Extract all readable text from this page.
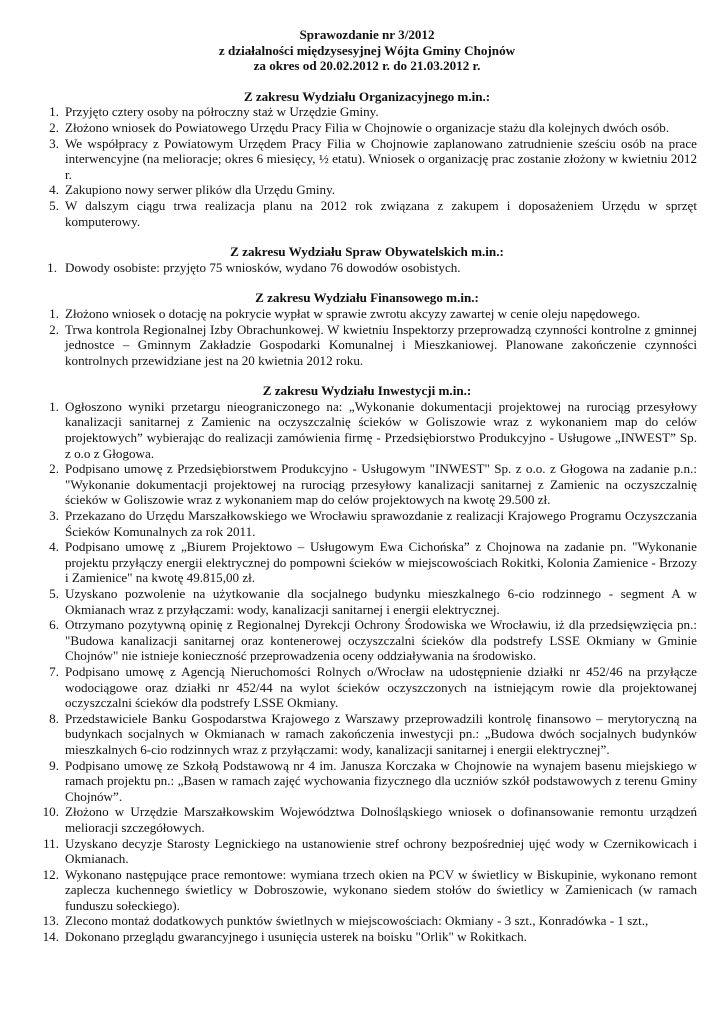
Sprawozdanie nr 3/2012
z działalności międzysesyjnej Wójta Gminy Chojnów
za okres od 20.02.2012 r. do 21.03.2012 r.
Z zakresu Wydziału Organizacyjnego m.in.:
1. Przyjęto cztery osoby na półroczny staż w Urzędzie Gminy.
2. Złożono wniosek do Powiatowego Urzędu Pracy Filia w Chojnowie o organizacje stażu dla kolejnych dwóch osób.
3. We współpracy z Powiatowym Urzędem Pracy Filia w Chojnowie zaplanowano zatrudnienie sześciu osób na prace interwencyjne (na melioracje; okres 6 miesięcy, ½ etatu). Wniosek o organizację prac zostanie złożony w kwietniu 2012 r.
4. Zakupiono nowy serwer plików dla Urzędu Gminy.
5. W dalszym ciągu trwa realizacja planu na 2012 rok związana z zakupem i doposażeniem Urzędu w sprzęt komputerowy.
Z zakresu Wydziału Spraw Obywatelskich m.in.:
1. Dowody osobiste: przyjęto 75 wniosków, wydano 76 dowodów osobistych.
Z zakresu Wydziału Finansowego m.in.:
1. Złożono wniosek o dotację na pokrycie wypłat w sprawie zwrotu akcyzy zawartej w cenie oleju napędowego.
2. Trwa kontrola Regionalnej Izby Obrachunkowej. W kwietniu Inspektorzy przeprowadzą czynności kontrolne z gminnej jednostce – Gminnym Zakładzie Gospodarki Komunalnej i Mieszkaniowej. Planowane zakończenie czynności kontrolnych przewidziane jest na 20 kwietnia 2012 roku.
Z zakresu Wydziału Inwestycji m.in.:
1. Ogłoszono wyniki przetargu nieograniczonego na: „Wykonanie dokumentacji projektowej na rurociąg przesyłowy kanalizacji sanitarnej z Zamienic na oczyszczalnię ścieków w Goliszowie wraz z wykonaniem map do celów projektowych” wybierając do realizacji zamówienia firmę - Przedsiębiorstwo Produkcyjno - Usługowe „INWEST” Sp. z o.o z Głogowa.
2. Podpisano umowę z Przedsiębiorstwem Produkcyjno - Usługowym "INWEST" Sp. z o.o. z Głogowa na zadanie p.n.: "Wykonanie dokumentacji projektowej na rurociąg przesyłowy kanalizacji sanitarnej z Zamienic na oczyszczalnię ścieków w Goliszowie wraz z wykonaniem map do celów projektowych na kwotę 29.500 zł.
3. Przekazano do Urzędu Marszałkowskiego we Wrocławiu sprawozdanie z realizacji Krajowego Programu Oczyszczania Ścieków Komunalnych za rok 2011.
4. Podpisano umowę z „Biurem Projektowo – Usługowym Ewa Cichońska” z Chojnowa na zadanie pn. "Wykonanie projektu przyłączy energii elektrycznej do pompowni ścieków w miejscowościach Rokitki, Kolonia Zamienice - Brzozy i Zamienice" na kwotę 49.815,00 zł.
5. Uzyskano pozwolenie na użytkowanie dla socjalnego budynku mieszkalnego 6-cio rodzinnego - segment A w Okmianach wraz z przyłączami: wody, kanalizacji sanitarnej i energii elektrycznej.
6. Otrzymano pozytywną opinię z Regionalnej Dyrekcji Ochrony Środowiska we Wrocławiu, iż dla przedsięwzięcia pn.: "Budowa kanalizacji sanitarnej oraz kontenerowej oczyszczalni ścieków dla podstrefy LSSE Okmiany w Gminie Chojnów" nie istnieje konieczność przeprowadzenia oceny oddziaływania na środowisko.
7. Podpisano umowę z Agencją Nieruchomości Rolnych o/Wrocław na udostępnienie działki nr 452/46 na przyłącze wodociągowe oraz działki nr 452/44 na wylot ścieków oczyszczonych na istniejącym rowie dla projektowanej oczyszczalni ścieków dla podstrefy LSSE Okmiany.
8. Przedstawiciele Banku Gospodarstwa Krajowego z Warszawy przeprowadzili kontrolę finansowo – merytoryczną na budynkach socjalnych w Okmianach w ramach zakończenia inwestycji pn.: „Budowa dwóch socjalnych budynków mieszkalnych 6-cio rodzinnych wraz z przyłączami: wody, kanalizacji sanitarnej i energii elektrycznej”.
9. Podpisano umowę ze Szkołą Podstawową nr 4 im. Janusza Korczaka w Chojnowie na wynajem basenu miejskiego w ramach projektu pn.: „Basen w ramach zajęć wychowania fizycznego dla uczniów szkół podstawowych z terenu Gminy Chojnów”.
10. Złożono w Urzędzie Marszałkowskim Województwa Dolnośląskiego wniosek o dofinansowanie remontu urządzeń melioracji szczegółowych.
11. Uzyskano decyzje Starosty Legnickiego na ustanowienie stref ochrony bezpośredniej ujęć wody w Czernikowicach i Okmianach.
12. Wykonano następujące prace remontowe: wymiana trzech okien na PCV w świetlicy w Biskupinie, wykonano remont zaplecza kuchennego świetlicy w Dobroszowie, wykonano siedem stołów do świetlicy w Zamienicach (w ramach funduszu sołeckiego).
13. Zlecono montaż dodatkowych punktów świetlnych w miejscowościach: Okmiany - 3 szt., Konradówka - 1 szt.,
14. Dokonano przeglądu gwarancyjnego i usunięcia usterek na boisku "Orlik" w Rokitkach.
